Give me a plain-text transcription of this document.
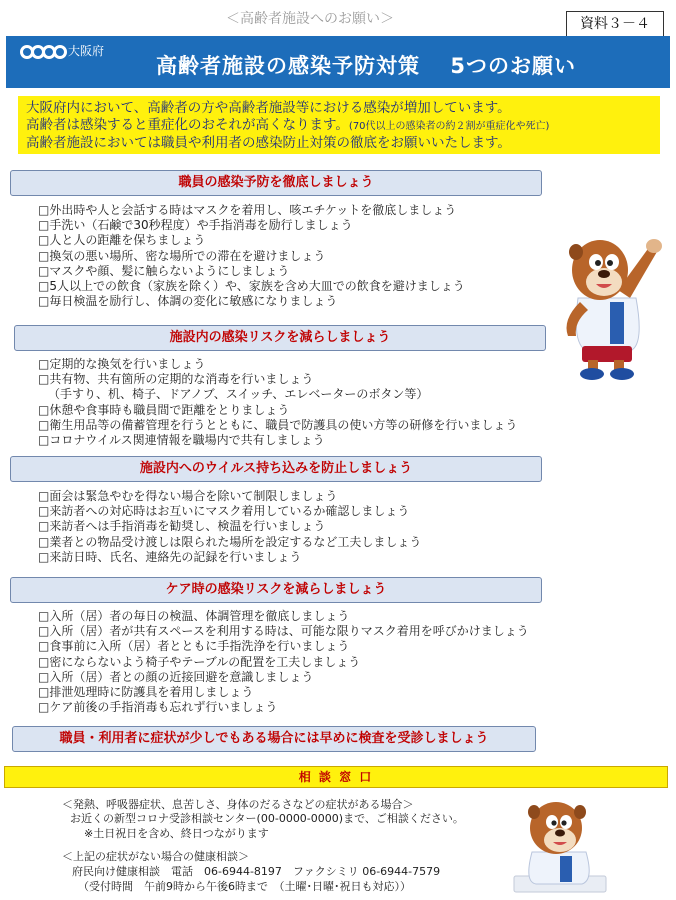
＜高齢者施設へのお願い＞	資料３－４
大阪府
高齢者施設の感染予防対策　 5つのお願い
大阪府内において、高齢者の方や高齢者施設等における感染が増加しています。
高齢者は感染すると重症化のおそれが高くなります。(70代以上の感染者の約２割が重症化や死亡)
高齢者施設においては職員や利用者の感染防止対策の徹底をお願いいたします。
職員の感染予防を徹底しましょう
□外出時や人と会話する時はマスクを着用し、咳エチケットを徹底しましょう
□手洗い（石鹸で30秒程度）や手指消毒を励行しましょう
□人と人の距離を保ちましょう
□換気の悪い場所、密な場所での滞在を避けましょう
□マスクや顔、髪に触らないようにしましょう
□5人以上での飲食（家族を除く）や、家族を含め大皿での飲食を避けましょう
□毎日検温を励行し、体調の変化に敏感になりましょう
施設内の感染リスクを減らしましょう
□定期的な換気を行いましょう
□共有物、共有箇所の定期的な消毒を行いましょう
（手すり、机、椅子、ドアノブ、スイッチ、エレベーターのボタン等）
□休憩や食事時も職員間で距離をとりましょう
□衛生用品等の備蓄管理を行うとともに、職員で防護具の使い方等の研修を行いましょう
□コロナウイルス関連情報を職場内で共有しましょう
施設内へのウイルス持ち込みを防止しましょう
□面会は緊急やむを得ない場合を除いて制限しましょう
□来訪者への対応時はお互いにマスク着用しているか確認しましょう
□来訪者へは手指消毒を勧奨し、検温を行いましょう
□業者との物品受け渡しは限られた場所を設定するなど工夫しましょう
□来訪日時、氏名、連絡先の記録を行いましょう
ケア時の感染リスクを減らしましょう
□入所（居）者の毎日の検温、体調管理を徹底しましょう
□入所（居）者が共有スペースを利用する時は、可能な限りマスク着用を呼びかけましょう
□食事前に入所（居）者とともに手指洗浄を行いましょう
□密にならないよう椅子やテーブルの配置を工夫しましょう
□入所（居）者との顔の近接回避を意識しましょう
□排泄処理時に防護具を着用しましょう
□ケア前後の手指消毒も忘れず行いましょう
職員・利用者に症状が少しでもある場合には早めに検査を受診しましょう
相 談 窓 口
＜発熱、呼吸器症状、息苦しさ、身体のだるさなどの症状がある場合＞
お近くの新型コロナ受診相談センター(00-0000-0000)まで、ご相談ください。
※土日祝日を含め、終日つながります
＜上記の症状がない場合の健康相談＞
府民向け健康相談　電話　06-6944-8197　ファクシミリ 06-6944-7579
（受付時間　午前9時から午後6時まで　（土曜･日曜･祝日も対応））
